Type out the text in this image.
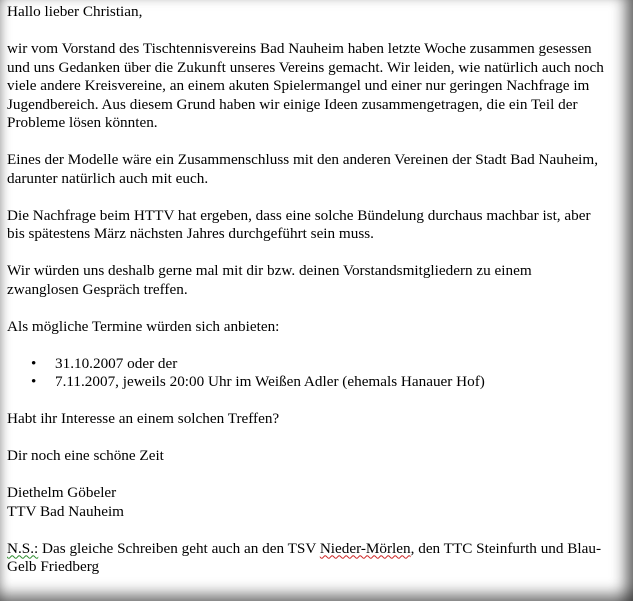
Hallo lieber Christian,

wir vom Vorstand des Tischtennisvereins Bad Nauheim haben letzte Woche zusammen gesessen und uns Gedanken über die Zukunft unseres Vereins gemacht. Wir leiden, wie natürlich auch noch viele andere Kreisvereine, an einem akuten Spielermangel und einer nur geringen Nachfrage im Jugendbereich. Aus diesem Grund haben wir einige Ideen zusammengetragen, die ein Teil der Probleme lösen könnten.

Eines der Modelle wäre ein Zusammenschluss mit den anderen Vereinen der Stadt Bad Nauheim, darunter natürlich auch mit euch.

Die Nachfrage beim HTTV hat ergeben, dass eine solche Bündelung durchaus machbar ist, aber bis spätestens März nächsten Jahres durchgeführt sein muss.

Wir würden uns deshalb gerne mal mit dir bzw. deinen Vorstandsmitgliedern zu einem zwanglosen Gespräch treffen.

Als mögliche Termine würden sich anbieten:

• 31.10.2007 oder der
• 7.11.2007, jeweils 20:00 Uhr im Weißen Adler (ehemals Hanauer Hof)

Habt ihr Interesse an einem solchen Treffen?

Dir noch eine schöne Zeit

Diethelm Göbeler

TTV Bad Nauheim

N.S.: Das gleiche Schreiben geht auch an den TSV Nieder-Mörlen, den TTC Steinfurth und Blau-Gelb Friedberg
